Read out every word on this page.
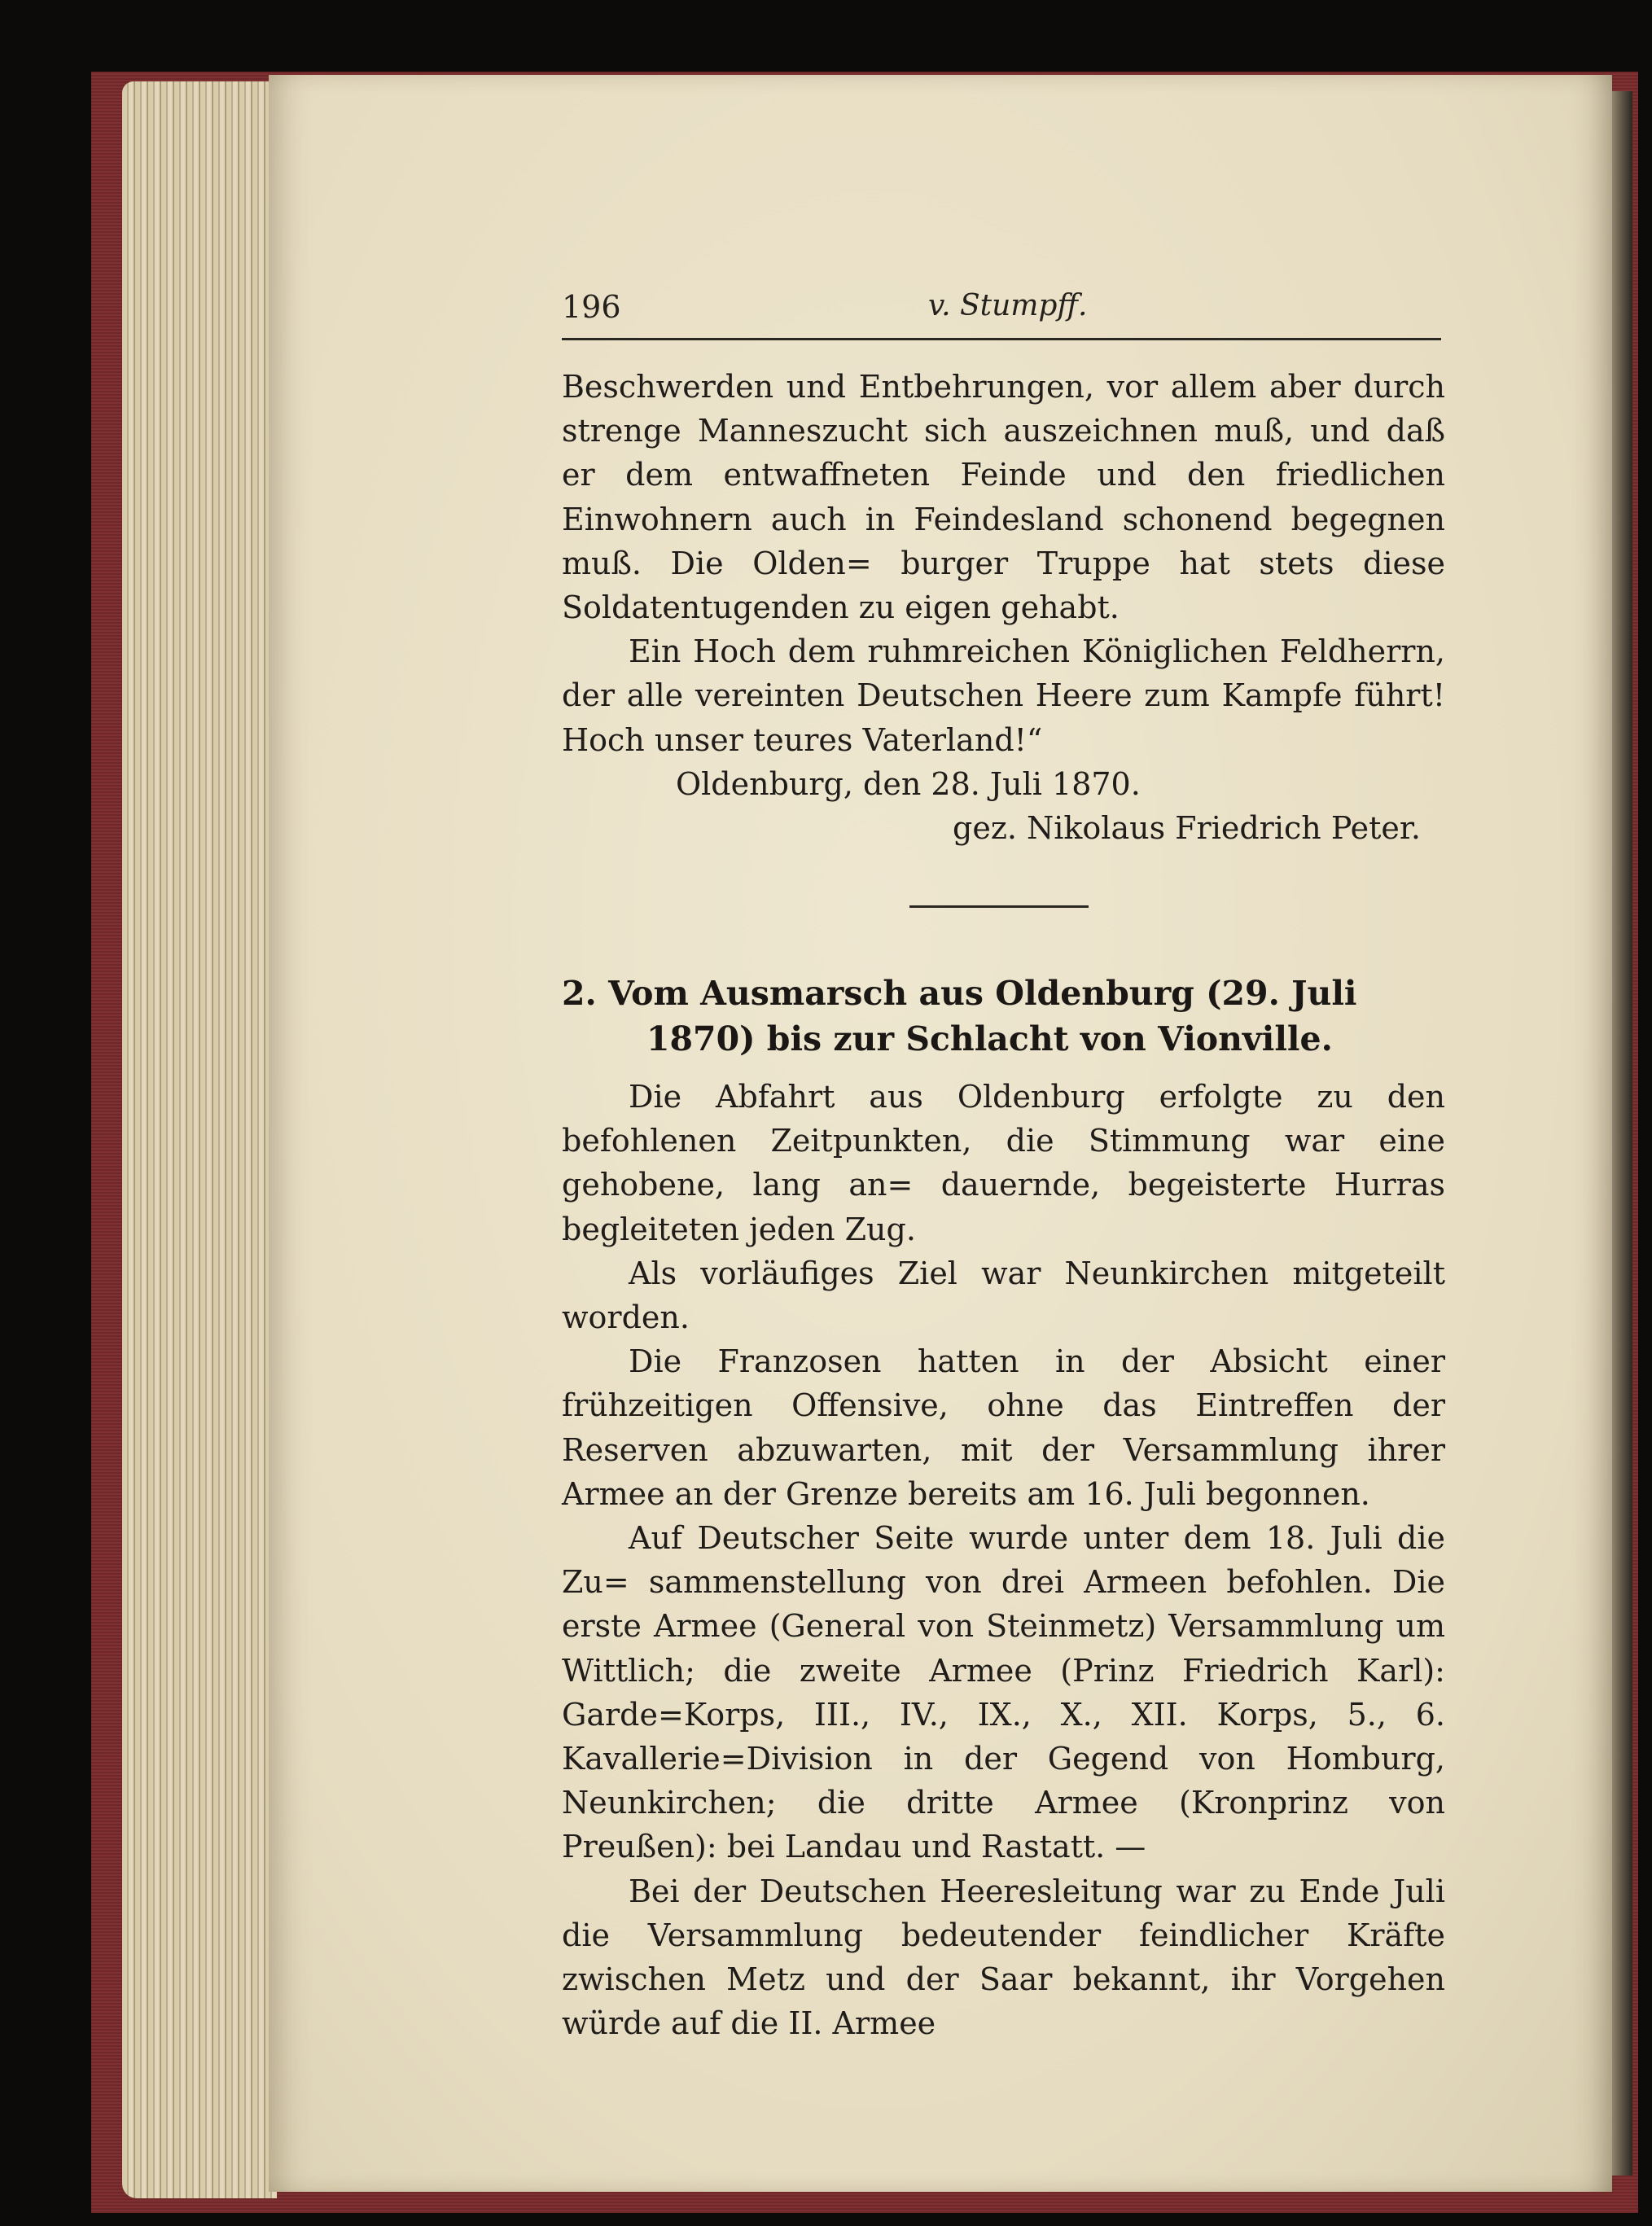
196	v. Stumpff.

Beschwerden und Entbehrungen, vor allem aber durch strenge Manneszucht sich auszeichnen muß, und daß er dem entwaffneten Feinde und den friedlichen Einwohnern auch in Feindesland schonend begegnen muß. Die Olden= burger Truppe hat stets diese Soldatentugenden zu eigen gehabt.

Ein Hoch dem ruhmreichen Königlichen Feldherrn, der alle vereinten Deutschen Heere zum Kampfe führt! Hoch unser teures Vaterland!“

Oldenburg, den 28. Juli 1870.

gez. Nikolaus Friedrich Peter.

2. Vom Ausmarsch aus Oldenburg (29. Juli
1870) bis zur Schlacht von Vionville.

Die Abfahrt aus Oldenburg erfolgte zu den befohlenen Zeitpunkten, die Stimmung war eine gehobene, lang an= dauernde, begeisterte Hurras begleiteten jeden Zug.

Als vorläufiges Ziel war Neunkirchen mitgeteilt worden.

Die Franzosen hatten in der Absicht einer frühzeitigen Offensive, ohne das Eintreffen der Reserven abzuwarten, mit der Versammlung ihrer Armee an der Grenze bereits am 16. Juli begonnen.

Auf Deutscher Seite wurde unter dem 18. Juli die Zu= sammenstellung von drei Armeen befohlen. Die erste Armee (General von Steinmetz) Versammlung um Wittlich; die zweite Armee (Prinz Friedrich Karl): Garde=Korps, III., IV., IX., X., XII. Korps, 5., 6. Kavallerie=Division in der Gegend von Homburg, Neunkirchen; die dritte Armee (Kronprinz von Preußen): bei Landau und Rastatt. —

Bei der Deutschen Heeresleitung war zu Ende Juli die Versammlung bedeutender feindlicher Kräfte zwischen Metz und der Saar bekannt, ihr Vorgehen würde auf die II. Armee
